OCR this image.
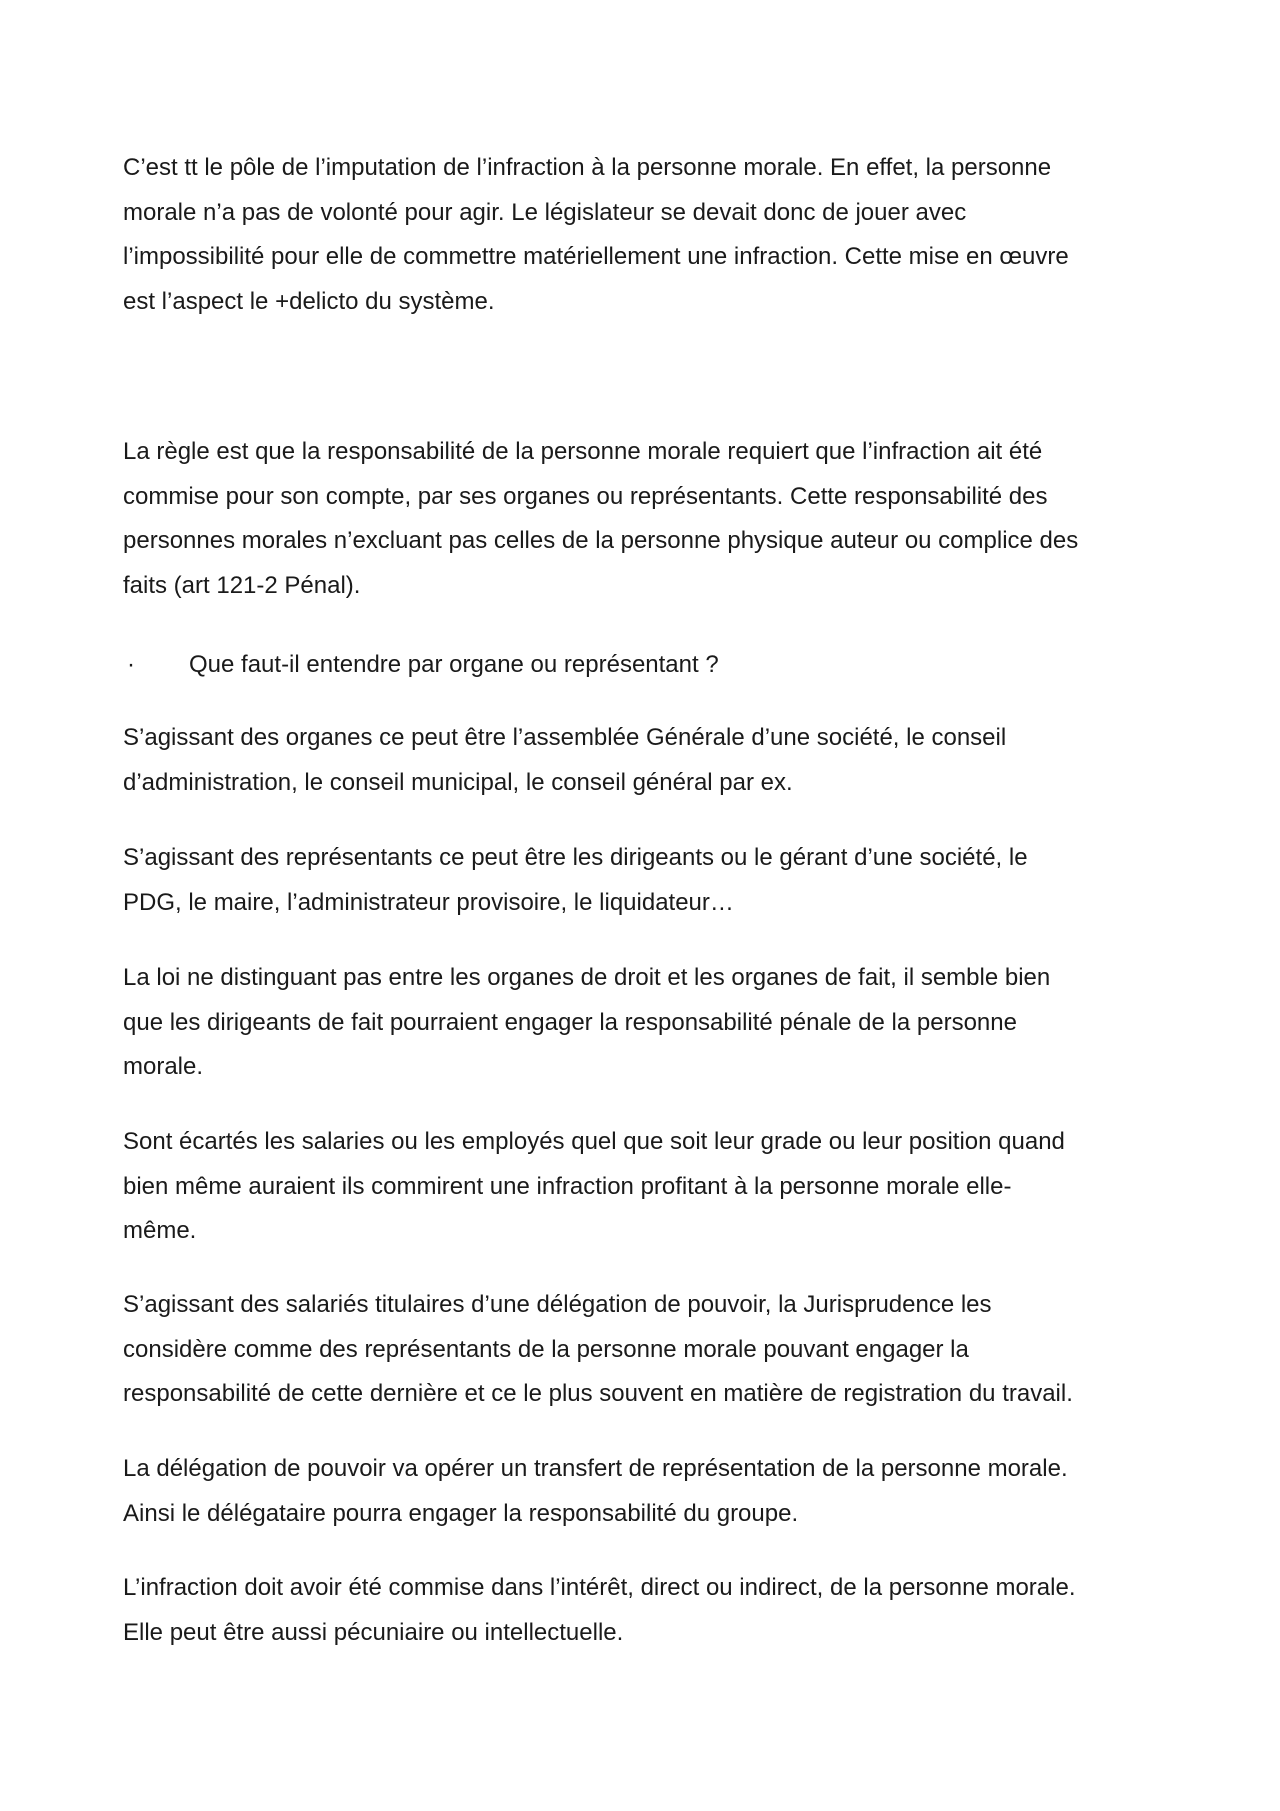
C’est tt le pôle de l’imputation de l’infraction à la personne morale. En effet, la personne
morale n’a pas de volonté pour agir. Le législateur se devait donc de jouer avec
l’impossibilité pour elle de commettre matériellement une infraction. Cette mise en œuvre
est l’aspect le +delicto du système.

La règle est que la responsabilité de la personne morale requiert que l’infraction ait été
commise pour son compte, par ses organes ou représentants. Cette responsabilité des
personnes morales n’excluant pas celles de la personne physique auteur ou complice des
faits (art 121-2 Pénal).

· Que faut-il entendre par organe ou représentant ?

S’agissant des organes ce peut être l’assemblée Générale d’une société, le conseil
d’administration, le conseil municipal, le conseil général par ex.

S’agissant des représentants ce peut être les dirigeants ou le gérant d’une société, le
PDG, le maire, l’administrateur provisoire, le liquidateur…

La loi ne distinguant pas entre les organes de droit et les organes de fait, il semble bien
que les dirigeants de fait pourraient engager la responsabilité pénale de la personne
morale.

Sont écartés les salaries ou les employés quel que soit leur grade ou leur position quand
bien même auraient ils commirent une infraction profitant à la personne morale elle-
même.

S’agissant des salariés titulaires d’une délégation de pouvoir, la Jurisprudence les
considère comme des représentants de la personne morale pouvant engager la
responsabilité de cette dernière et ce le plus souvent en matière de registration du travail.

La délégation de pouvoir va opérer un transfert de représentation de la personne morale.
Ainsi le délégataire pourra engager la responsabilité du groupe.

L’infraction doit avoir été commise dans l’intérêt, direct ou indirect, de la personne morale.
Elle peut être aussi pécuniaire ou intellectuelle.
